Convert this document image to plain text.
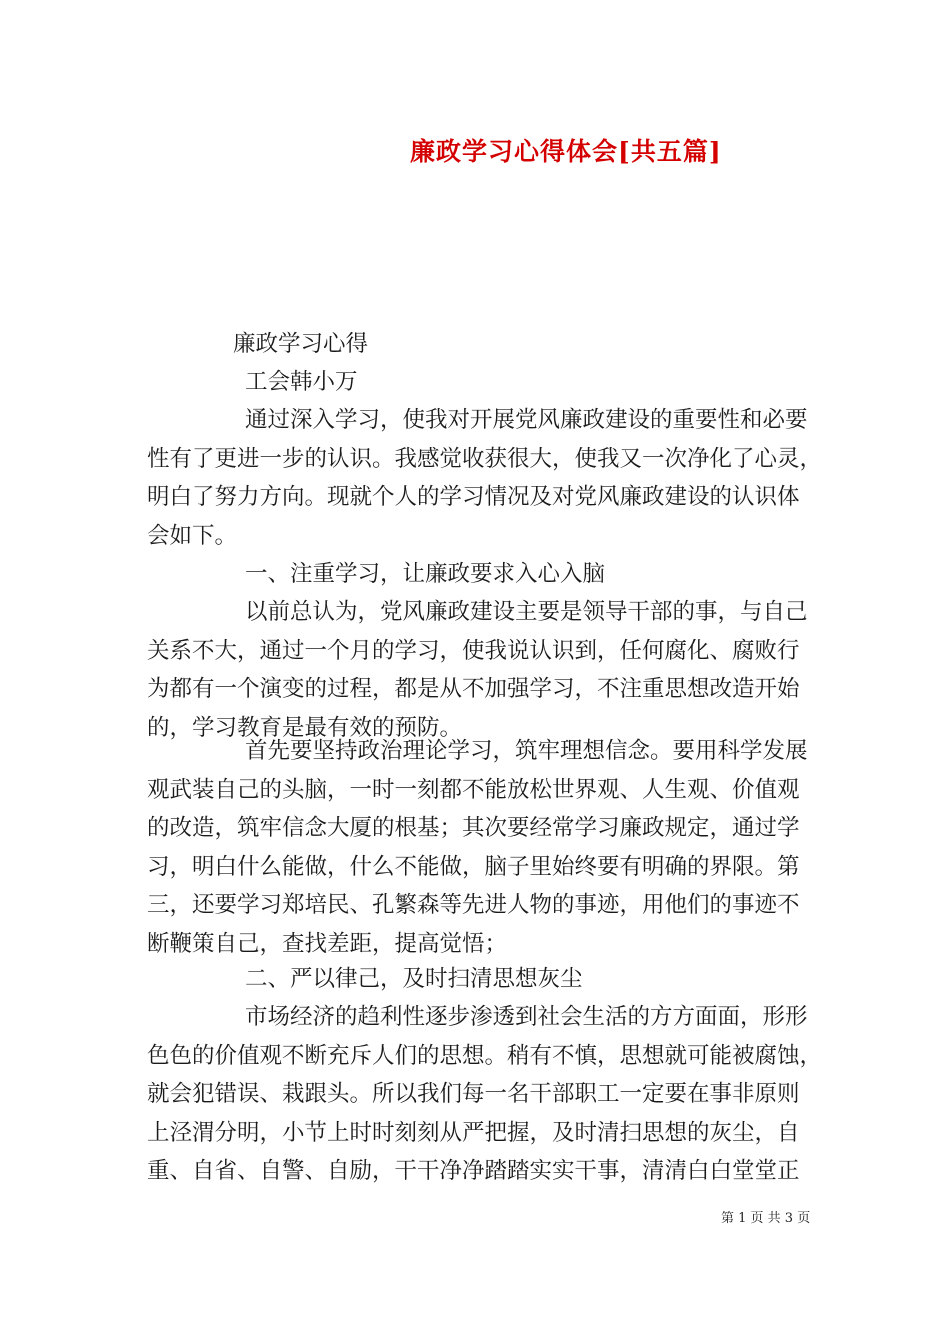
廉政学习心得体会[共五篇]
廉政学习心得
工会韩小万
通过深入学习，使我对开展党风廉政建设的重要性和必要
性有了更进一步的认识。我感觉收获很大，使我又一次净化了心灵，
明白了努力方向。现就个人的学习情况及对党风廉政建设的认识体
会如下。
一、注重学习，让廉政要求入心入脑
以前总认为，党风廉政建设主要是领导干部的事，与自己
关系不大，通过一个月的学习，使我说认识到，任何腐化、腐败行
为都有一个演变的过程，都是从不加强学习，不注重思想改造开始
的，学习教育是最有效的预防。
首先要坚持政治理论学习，筑牢理想信念。要用科学发展
观武装自己的头脑，一时一刻都不能放松世界观、人生观、价值观
的改造，筑牢信念大厦的根基；其次要经常学习廉政规定，通过学
习，明白什么能做，什么不能做，脑子里始终要有明确的界限。第
三，还要学习郑培民、孔繁森等先进人物的事迹，用他们的事迹不
断鞭策自己，查找差距，提高觉悟；
二、严以律己，及时扫清思想灰尘
市场经济的趋利性逐步渗透到社会生活的方方面面，形形
色色的价值观不断充斥人们的思想。稍有不慎，思想就可能被腐蚀，
就会犯错误、栽跟头。所以我们每一名干部职工一定要在事非原则
上泾渭分明，小节上时时刻刻从严把握，及时清扫思想的灰尘，自
重、自省、自警、自励，干干净净踏踏实实干事，清清白白堂堂正
第 1 页 共 3 页
